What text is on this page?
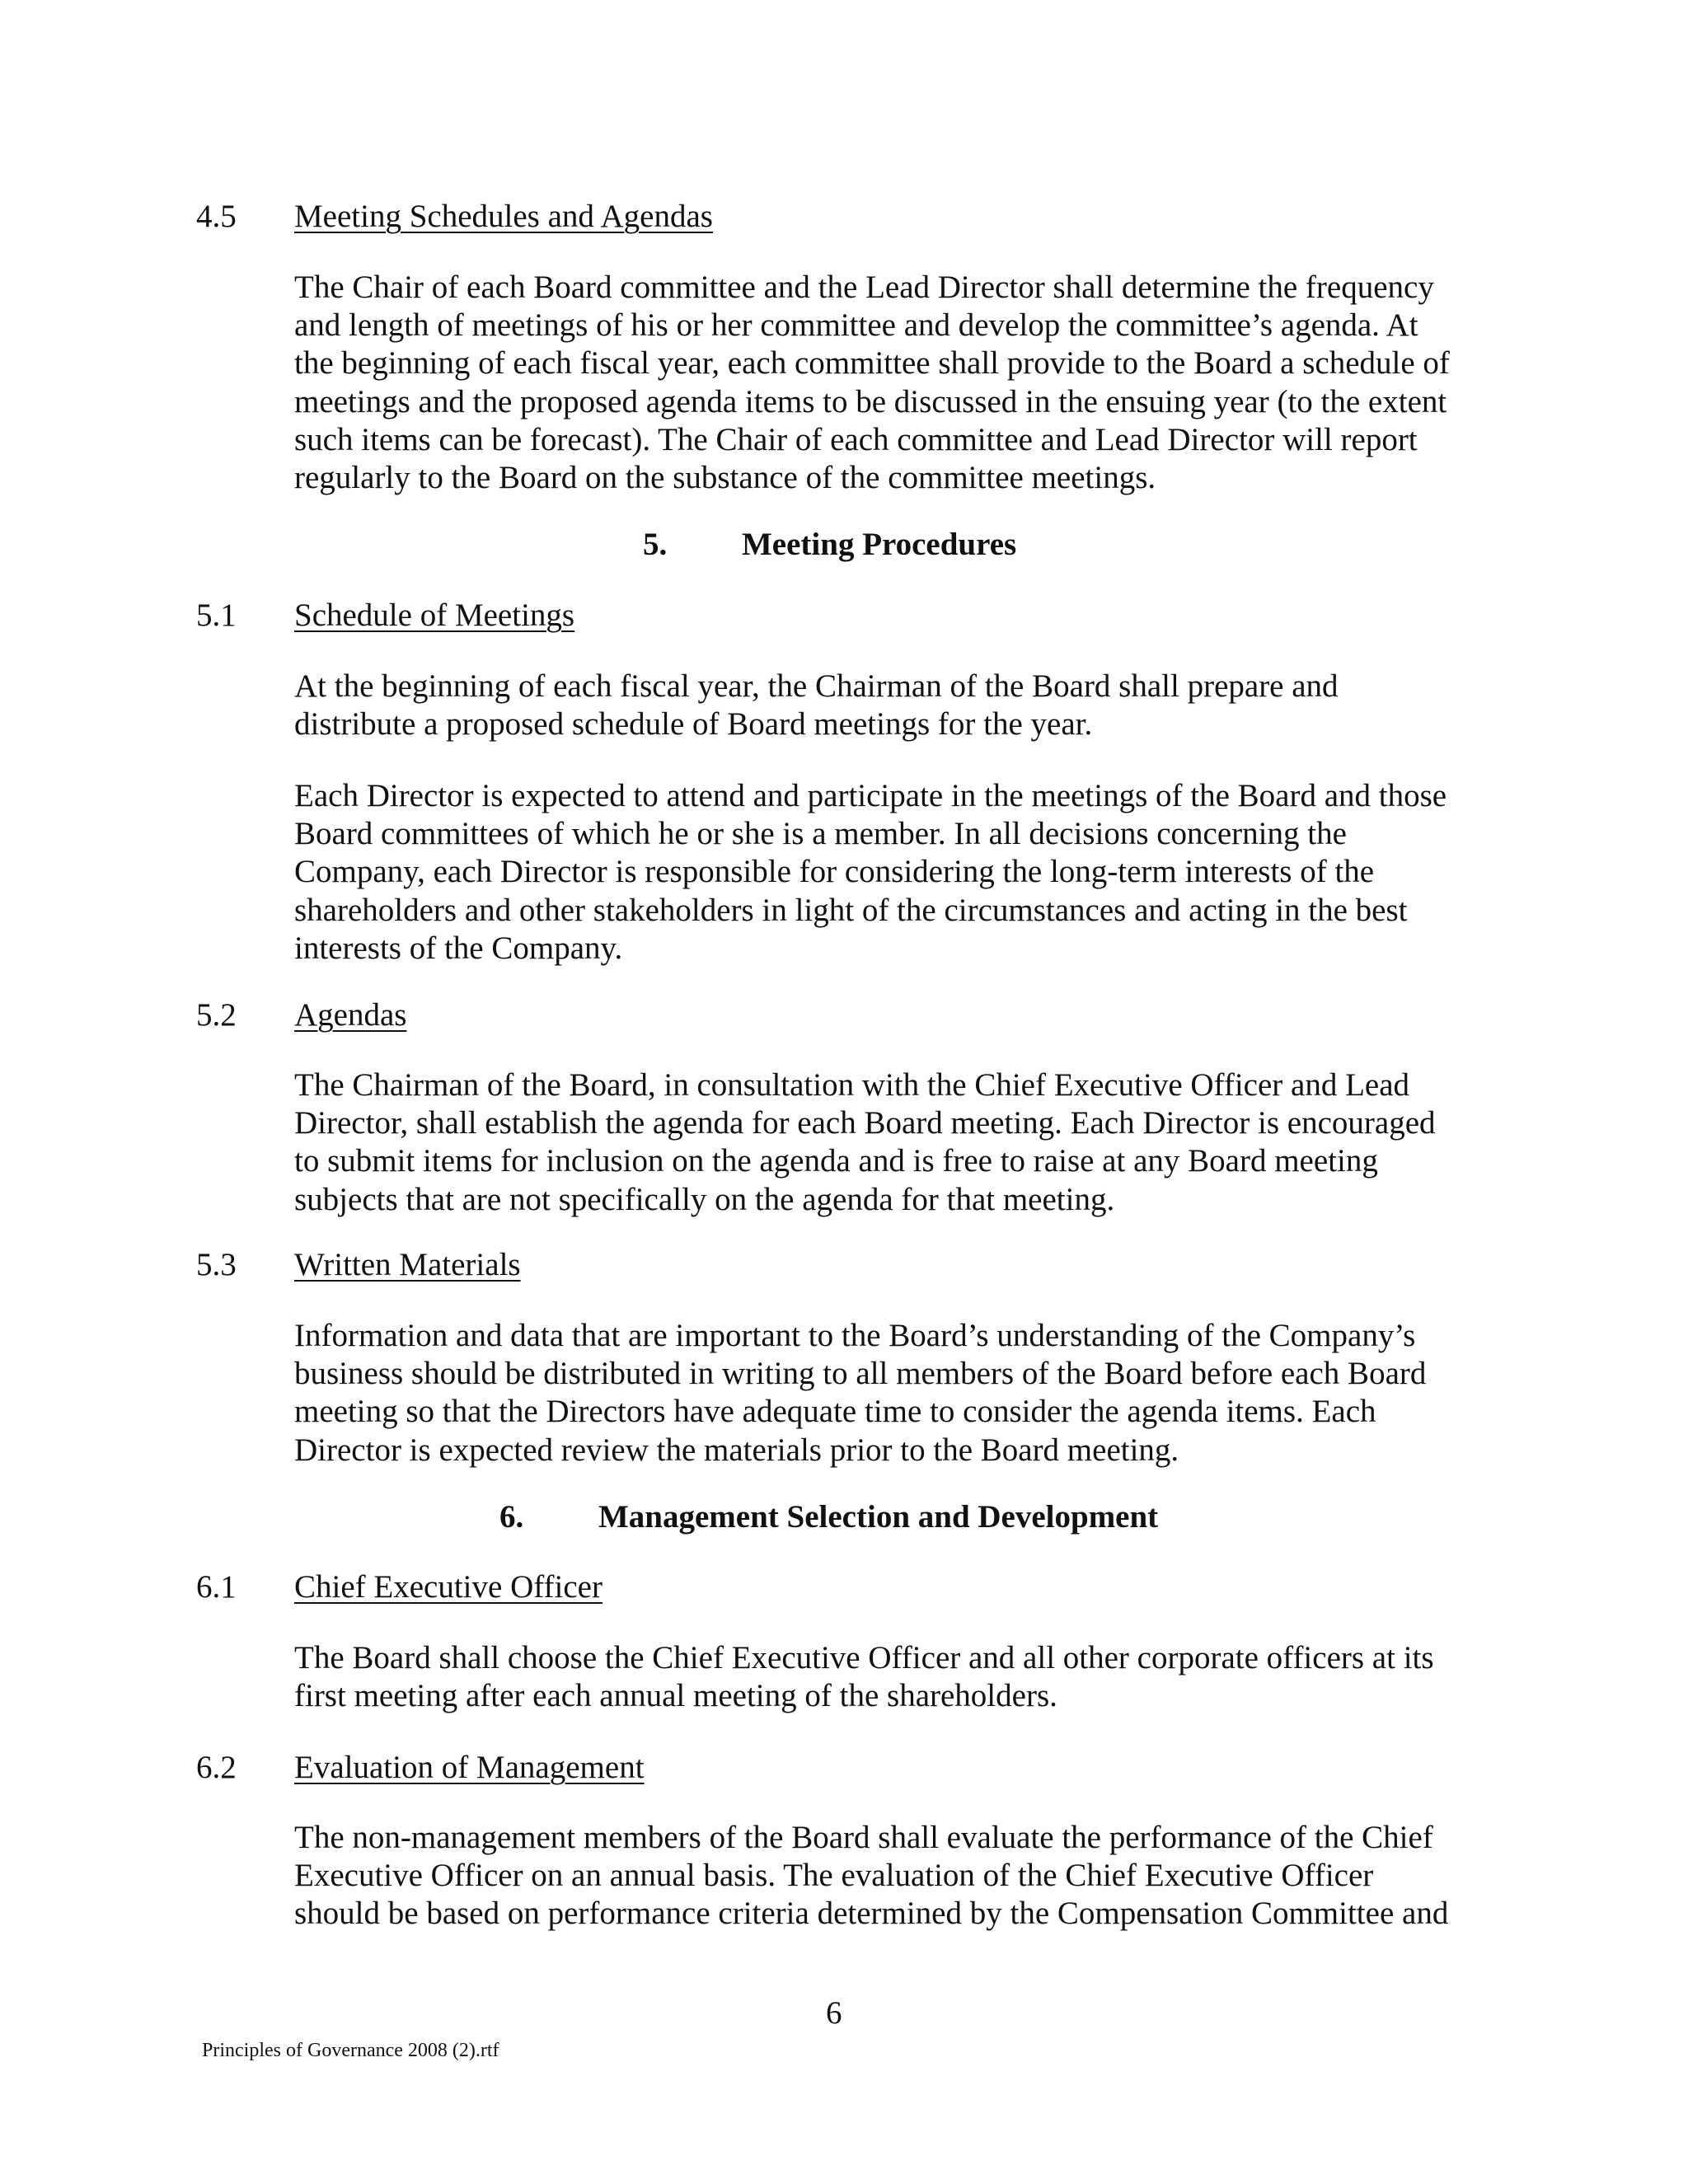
4.5 Meeting Schedules and Agendas
The Chair of each Board committee and the Lead Director shall determine the frequency
and length of meetings of his or her committee and develop the committee’s agenda. At
the beginning of each fiscal year, each committee shall provide to the Board a schedule of
meetings and the proposed agenda items to be discussed in the ensuing year (to the extent
such items can be forecast). The Chair of each committee and Lead Director will report
regularly to the Board on the substance of the committee meetings.
5. Meeting Procedures
5.1 Schedule of Meetings
At the beginning of each fiscal year, the Chairman of the Board shall prepare and
distribute a proposed schedule of Board meetings for the year.
Each Director is expected to attend and participate in the meetings of the Board and those
Board committees of which he or she is a member. In all decisions concerning the
Company, each Director is responsible for considering the long-term interests of the
shareholders and other stakeholders in light of the circumstances and acting in the best
interests of the Company.
5.2 Agendas
The Chairman of the Board, in consultation with the Chief Executive Officer and Lead
Director, shall establish the agenda for each Board meeting. Each Director is encouraged
to submit items for inclusion on the agenda and is free to raise at any Board meeting
subjects that are not specifically on the agenda for that meeting.
5.3 Written Materials
Information and data that are important to the Board’s understanding of the Company’s
business should be distributed in writing to all members of the Board before each Board
meeting so that the Directors have adequate time to consider the agenda items. Each
Director is expected review the materials prior to the Board meeting.
6. Management Selection and Development
6.1 Chief Executive Officer
The Board shall choose the Chief Executive Officer and all other corporate officers at its
first meeting after each annual meeting of the shareholders.
6.2 Evaluation of Management
The non-management members of the Board shall evaluate the performance of the Chief
Executive Officer on an annual basis. The evaluation of the Chief Executive Officer
should be based on performance criteria determined by the Compensation Committee and
6
Principles of Governance 2008 (2).rtf
